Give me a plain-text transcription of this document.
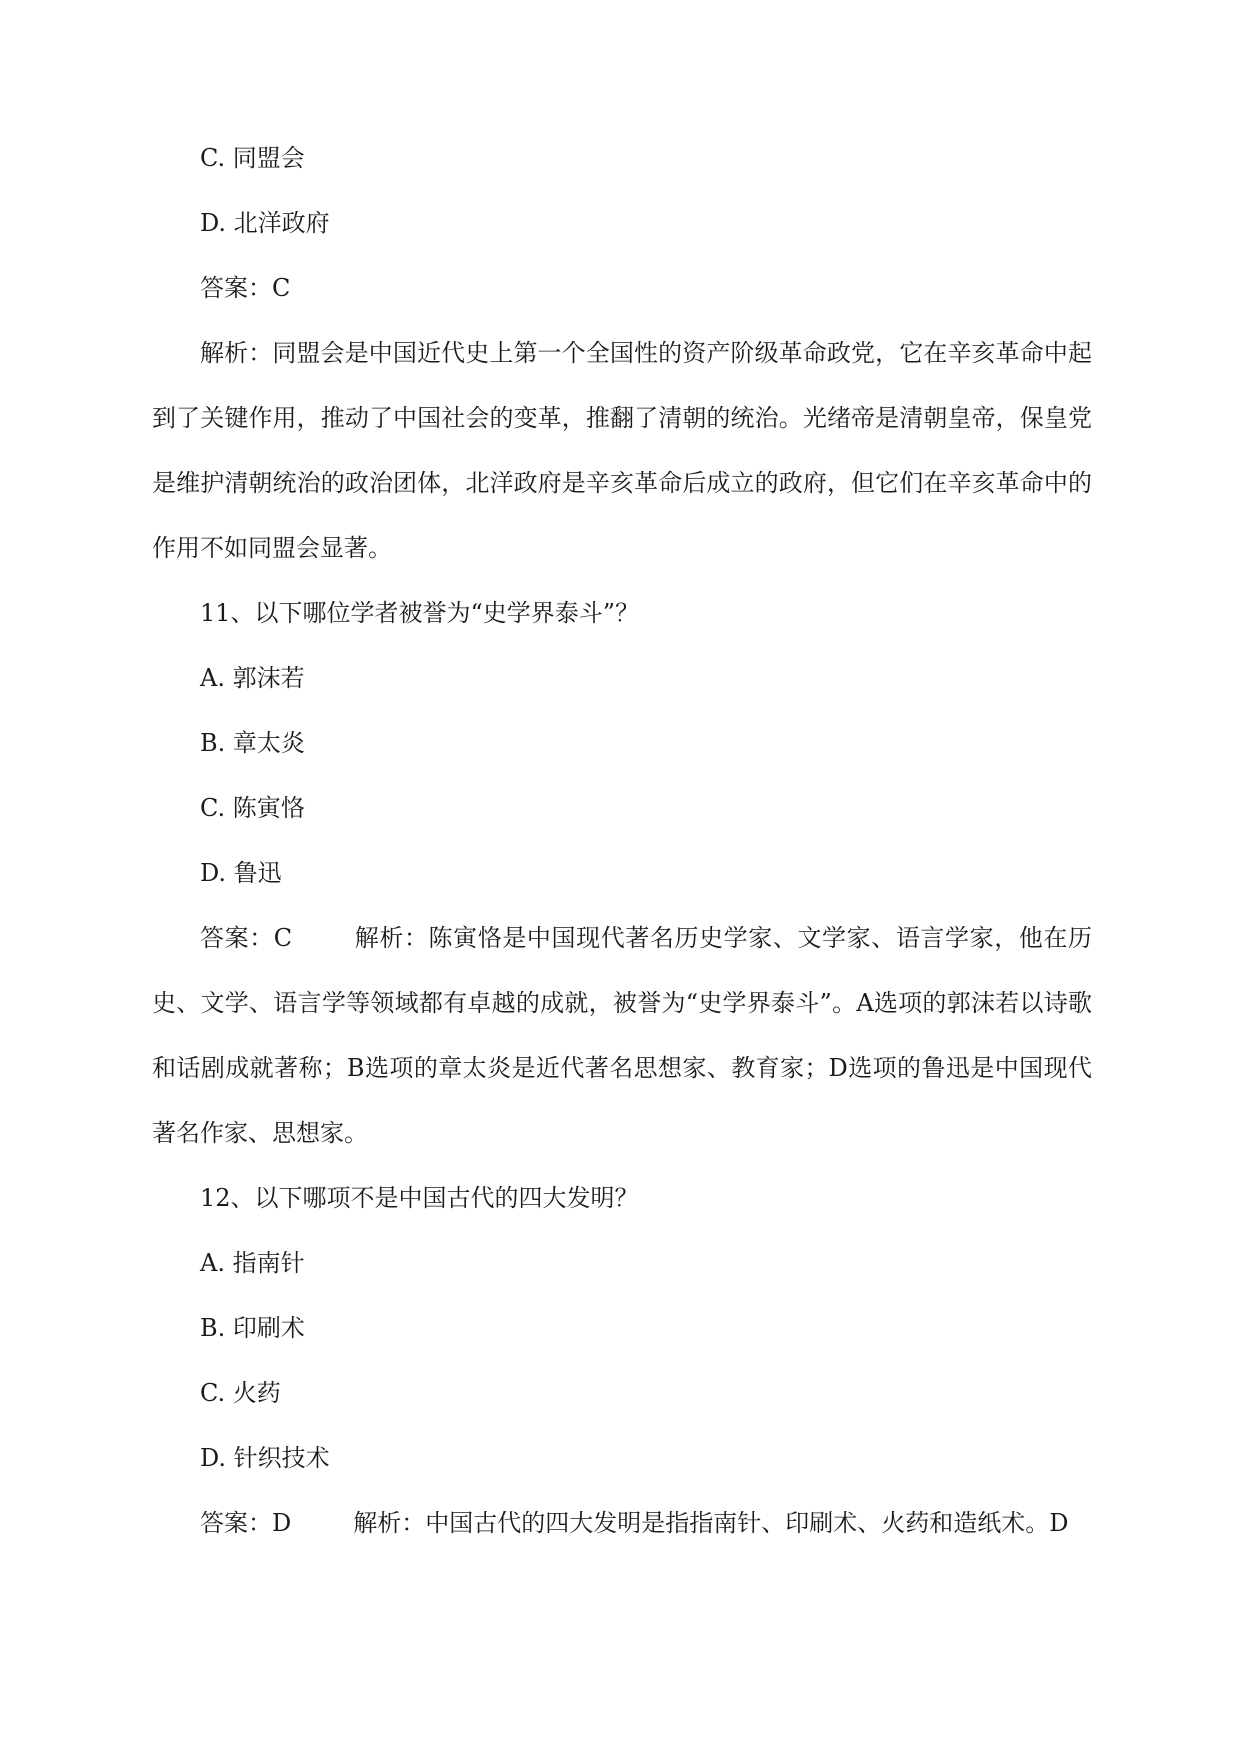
C. 同盟会
D. 北洋政府
答案：C
解析：同盟会是中国近代史上第一个全国性的资产阶级革命政党，它在辛亥革命中起到了关键作用，推动了中国社会的变革，推翻了清朝的统治。光绪帝是清朝皇帝，保皇党是维护清朝统治的政治团体，北洋政府是辛亥革命后成立的政府，但它们在辛亥革命中的作用不如同盟会显著。
11、以下哪位学者被誉为“史学界泰斗”？
A. 郭沫若
B. 章太炎
C. 陈寅恪
D. 鲁迅
答案：C	解析：陈寅恪是中国现代著名历史学家、文学家、语言学家，他在历史、文学、语言学等领域都有卓越的成就，被誉为“史学界泰斗”。A选项的郭沫若以诗歌和话剧成就著称；B选项的章太炎是近代著名思想家、教育家；D选项的鲁迅是中国现代著名作家、思想家。
12、以下哪项不是中国古代的四大发明？
A. 指南针
B. 印刷术
C. 火药
D. 针织技术
答案：D	解析：中国古代的四大发明是指指南针、印刷术、火药和造纸术。D
